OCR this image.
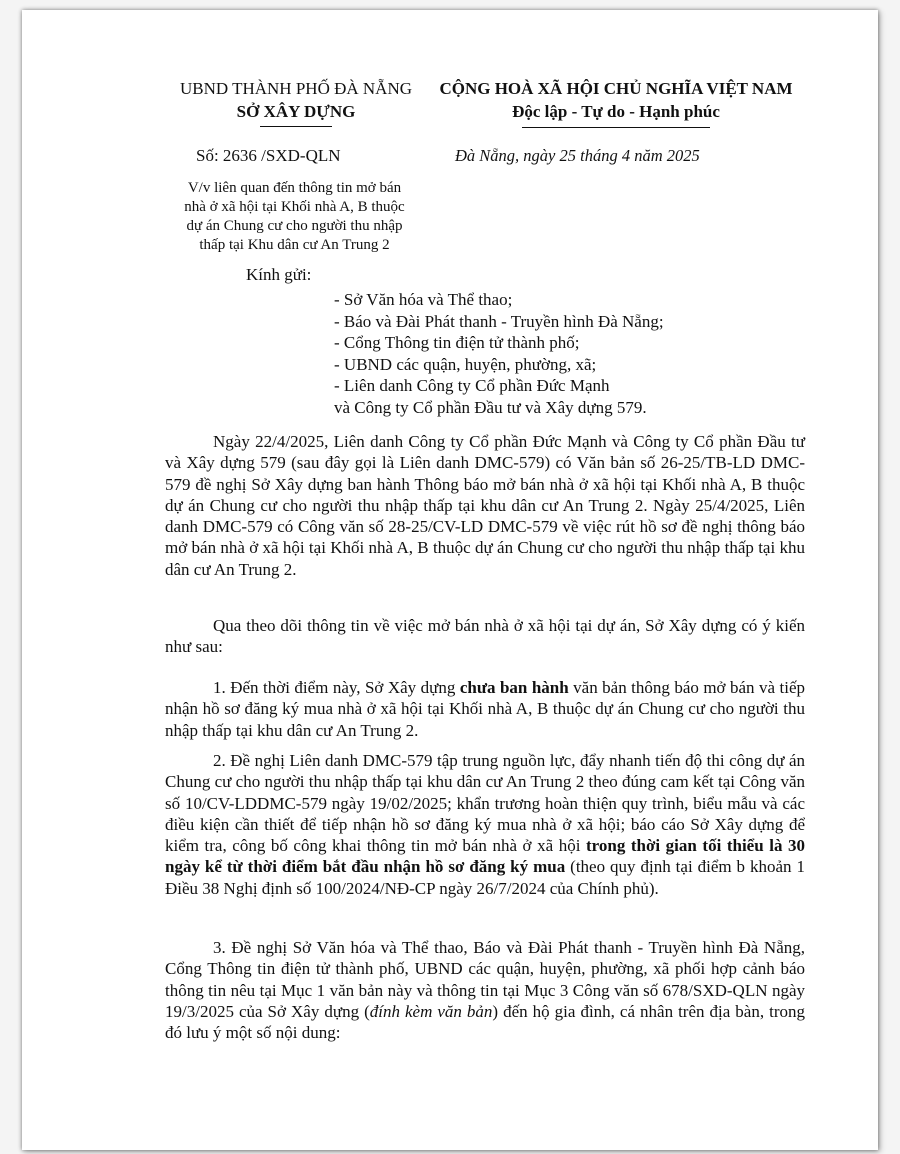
UBND THÀNH PHỐ ĐÀ NẴNG
SỞ XÂY DỰNG
CỘNG HOÀ XÃ HỘI CHỦ NGHĨA VIỆT NAM
Độc lập - Tự do - Hạnh phúc
Số: 2636 /SXD-QLN	Đà Nẵng, ngày 25 tháng 4 năm 2025
V/v liên quan đến thông tin mở bán
nhà ở xã hội tại Khối nhà A, B thuộc
dự án Chung cư cho người thu nhập
thấp tại Khu dân cư An Trung 2
Kính gửi:
- Sở Văn hóa và Thể thao;
- Báo và Đài Phát thanh - Truyền hình Đà Nẵng;
- Cổng Thông tin điện tử thành phố;
- UBND các quận, huyện, phường, xã;
- Liên danh Công ty Cổ phần Đức Mạnh
và Công ty Cổ phần Đầu tư và Xây dựng 579.

Ngày 22/4/2025, Liên danh Công ty Cổ phần Đức Mạnh và Công ty Cổ phần Đầu tư và Xây dựng 579 (sau đây gọi là Liên danh DMC-579) có Văn bản số 26-25/TB-LD DMC-579 đề nghị Sở Xây dựng ban hành Thông báo mở bán nhà ở xã hội tại Khối nhà A, B thuộc dự án Chung cư cho người thu nhập thấp tại khu dân cư An Trung 2. Ngày 25/4/2025, Liên danh DMC-579 có Công văn số 28-25/CV-LD DMC-579 về việc rút hồ sơ đề nghị thông báo mở bán nhà ở xã hội tại Khối nhà A, B thuộc dự án Chung cư cho người thu nhập thấp tại khu dân cư An Trung 2.

Qua theo dõi thông tin về việc mở bán nhà ở xã hội tại dự án, Sở Xây dựng có ý kiến như sau:

1. Đến thời điểm này, Sở Xây dựng chưa ban hành văn bản thông báo mở bán và tiếp nhận hồ sơ đăng ký mua nhà ở xã hội tại Khối nhà A, B thuộc dự án Chung cư cho người thu nhập thấp tại khu dân cư An Trung 2.

2. Đề nghị Liên danh DMC-579 tập trung nguồn lực, đẩy nhanh tiến độ thi công dự án Chung cư cho người thu nhập thấp tại khu dân cư An Trung 2 theo đúng cam kết tại Công văn số 10/CV-LDDMC-579 ngày 19/02/2025; khẩn trương hoàn thiện quy trình, biểu mẫu và các điều kiện cần thiết để tiếp nhận hồ sơ đăng ký mua nhà ở xã hội; báo cáo Sở Xây dựng để kiểm tra, công bố công khai thông tin mở bán nhà ở xã hội trong thời gian tối thiểu là 30 ngày kể từ thời điểm bắt đầu nhận hồ sơ đăng ký mua (theo quy định tại điểm b khoản 1 Điều 38 Nghị định số 100/2024/NĐ-CP ngày 26/7/2024 của Chính phủ).

3. Đề nghị Sở Văn hóa và Thể thao, Báo và Đài Phát thanh - Truyền hình Đà Nẵng, Cổng Thông tin điện tử thành phố, UBND các quận, huyện, phường, xã phối hợp cảnh báo thông tin nêu tại Mục 1 văn bản này và thông tin tại Mục 3 Công văn số 678/SXD-QLN ngày 19/3/2025 của Sở Xây dựng (đính kèm văn bản) đến hộ gia đình, cá nhân trên địa bàn, trong đó lưu ý một số nội dung:
